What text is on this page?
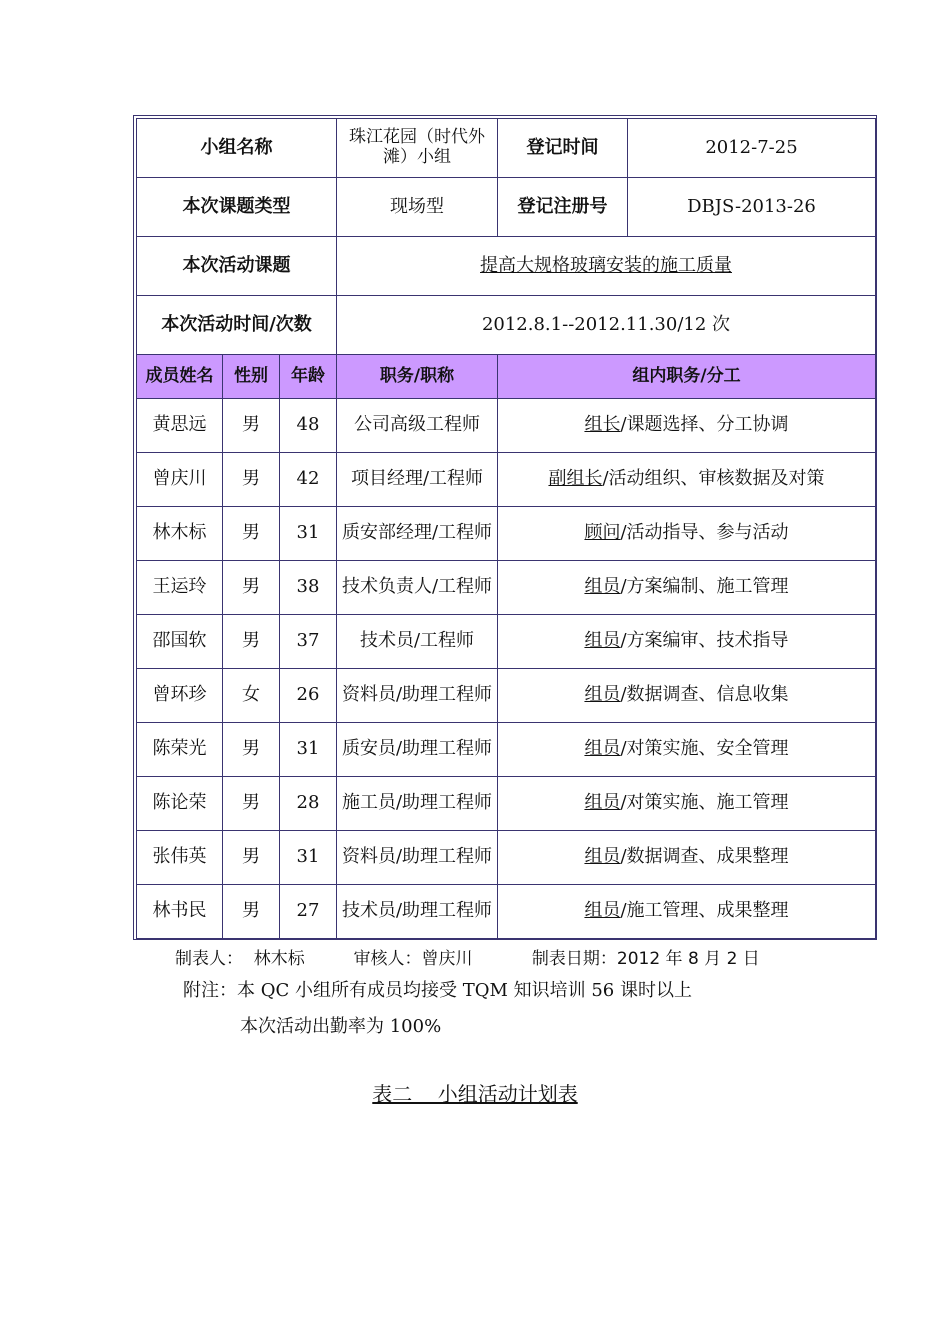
小组名称			珠江花园（时代外滩）小组	登记时间	2012-7-25
本次课题类型			现场型	登记注册号	DBJS-2013-26
本次活动课题			提高大规格玻璃安装的施工质量		
本次活动时间/次数			2012.8.1--2012.11.30/12 次		
成员姓名	性别	年龄	职务/职称	组内职务/分工	
黄思远	男	48	公司高级工程师	组长/课题选择、分工协调	
曾庆川	男	42	项目经理/工程师	副组长/活动组织、审核数据及对策	
林木标	男	31	质安部经理/工程师	顾问/活动指导、参与活动	
王运玲	男	38	技术负责人/工程师	组员/方案编制、施工管理	
邵国软	男	37	技术员/工程师	组员/方案编审、技术指导	
曾环珍	女	26	资料员/助理工程师	组员/数据调查、信息收集	
陈荣光	男	31	质安员/助理工程师	组员/对策实施、安全管理	
陈论荣	男	28	施工员/助理工程师	组员/对策实施、施工管理	
张伟英	男	31	资料员/助理工程师	组员/数据调查、成果整理	
林书民	男	27	技术员/助理工程师	组员/施工管理、成果整理	
制表人：  林木标         审核人：曾庆川           制表日期：2012 年 8 月 2 日
附注：本 QC 小组所有成员均接受 TQM 知识培训 56 课时以上
本次活动出勤率为 100%
表二    小组活动计划表
